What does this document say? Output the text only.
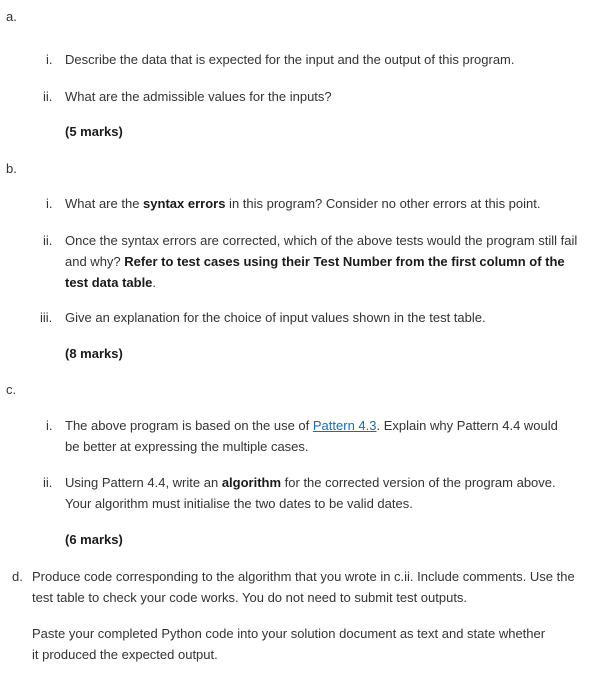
a.
i. Describe the data that is expected for the input and the output of this program.
ii. What are the admissible values for the inputs?
(5 marks)
b.
i. What are the syntax errors in this program? Consider no other errors at this point.
ii. Once the syntax errors are corrected, which of the above tests would the program still fail and why? Refer to test cases using their Test Number from the first column of the test data table.
iii. Give an explanation for the choice of input values shown in the test table.
(8 marks)
c.
i. The above program is based on the use of Pattern 4.3. Explain why Pattern 4.4 would be better at expressing the multiple cases.
ii. Using Pattern 4.4, write an algorithm for the corrected version of the program above. Your algorithm must initialise the two dates to be valid dates.
(6 marks)
d. Produce code corresponding to the algorithm that you wrote in c.ii. Include comments. Use the test table to check your code works. You do not need to submit test outputs.
Paste your completed Python code into your solution document as text and state whether it produced the expected output.
